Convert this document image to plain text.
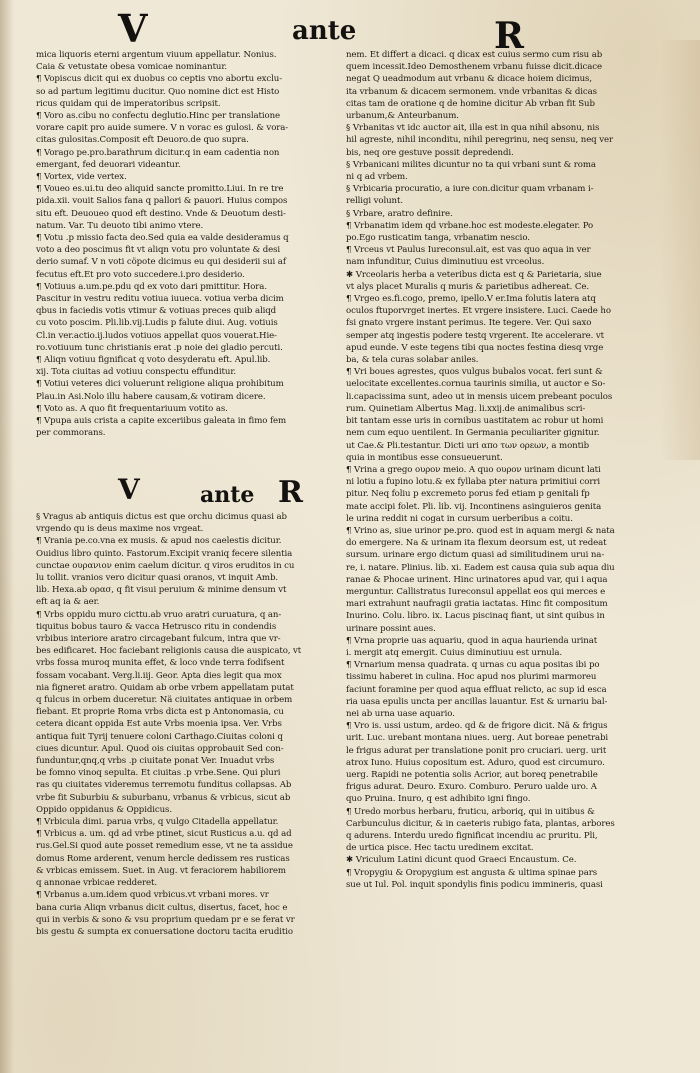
V	ante	R
mica liquoris eterni argentum viuum appellatur. Nonius.
Caia & vetustate obesa vomicae nominantur.
¶ Vopiscus dicit qui ex duobus co ceptis vno abortu exclu-
so ad partum legitimu ducitur. Quo nomine dict est Histo
ricus quidam qui de imperatoribus scripsit.
¶ Voro as.cibu no confectu deglutio.Hinc per translatione
vorare capit pro auide sumere. V n vorac es gulosi. & vora-
citas gulositas.Composit eft Deuoro.de quo supra.
¶ Vorago pe.pro.barathrum dicitur.q in eam cadentia non
emergant, fed deuorari videantur.
¶ Vortex, vide vertex.
¶ Voueo es.ui.tu deo aliquid sancte promitto.Liui. In re tre
pida.xii. vouit Salios fana q pallori & pauori. Huius compos
situ eft. Deuoueo quod eft destino. Vnde & Deuotum desti-
natum. Var. Tu deuoto tibi animo vtere.
¶ Votu .p missio facta deo.Sed quia ea valde desideramus q
voto a deo poscimus fit vt aliqn votu pro voluntate & desi
derio sumaf. V n voti cöpote dicimus eu qui desiderii sui af
fecutus eft.Et pro voto succedere.i.pro desiderio.
¶ Votiuus a.um.pe.pdu qd ex voto dari pmittitur. Hora.
Pascitur in vestru reditu votiua iuueca. votiua verba dicim
qbus in faciedis votis vtimur & votiuas preces quib aliqd
cu voto poscim. Pli.lib.vij.Ludis p falute diui. Aug. votiuis
Cl.in ver.actio.ij.ludos votiuos appellat quos vouerat.Hie-
ro.votiuum tunc christianis erat .p noie dei gladio percuti.
¶ Aliqn votiuu fignificat q voto desyderatu eft. Apul.lib.
xij. Tota ciuitas ad votiuu conspectu effunditur.
¶ Votiui veteres dici voluerunt religione aliqua prohibitum
Plau.in Asi.Nolo illu habere causam,& votiram dicere.
¶ Voto as. A quo fit frequentariuum votito as.
¶ Vpupa auis crista a capite exceriibus galeata in fimo fem
per commorans.
V	ante R
§ Vragus ab antiquis dictus est que orchu dicimus quasi ab
vrgendo qu is deus maxime nos vrgeat.
¶ Vrania pe.co.vna ex musis. & apud nos caelestis dicitur.
Ouidius libro quinto. Fastorum.Excipit vraniq fecere silentia
cunctae ουρανιον enim caelum dicitur. q viros eruditos in cu
lu tollit. vranios vero dicitur quasi oranos, vt inquit Amb.
lib. Hexa.ab ορασ, q fit visui peruium & minime densum vt
eft aq ia & aer.
¶ Vrbs oppidu muro cicttu.ab vruo aratri curuatura, q an-
tiquitus bobus tauro & vacca Hetrusco ritu in condendis
vrbibus interiore aratro circagebant fulcum, intra que vr-
bes edificaret. Hoc faciebant religionis causa die auspicato, vt
vrbs fossa muroq munita effet, & loco vnde terra fodifsent
fossam vocabant. Verg.li.iij. Geor. Apta dies legit qua mox
nia figneret aratro. Quidam ab orbe vrbem appellatam putat
q fulcus in orbem duceretur. Nä ciuitates antiquae in orbem
fiebant. Et proprie Roma vrbs dicta est p Antonomasia, cu
cetera dicant oppida Est aute Vrbs moenia ipsa. Ver. Vrbs
antiqua fuit Tyrij tenuere coloni Carthago.Ciuitas coloni q
ciues dicuntur. Apul. Quod ois ciuitas opprobauit Sed con-
funduntur,qnq,q vrbs .p ciuitate ponat Ver. Inuadut vrbs
be fomno vinoq sepulta. Et ciuitas .p vrbe.Sene. Qui pluri
ras qu ciuitates videremus terremotu funditus collapsas. Ab
vrbe fit Suburbiu & suburbanu, vrbanus & vrbicus, sicut ab
Oppido oppidanus & Oppidicus.
¶ Vrbicula dimi. parua vrbs, q vulgo Citadella appellatur.
¶ Vrbicus a. um. qd ad vrbe ptinet, sicut Rusticus a.u. qd ad
rus.Gel.Si quod aute posset remedium esse, vt ne ta assidue
domus Rome arderent, venum hercle dedissem res rusticas
& vrbicas emissem. Suet. in Aug. vt feraciorem habiliorem
q annonae vrbicae redderet.
¶ Vrbanus a.um.idem quod vrbicus.vt vrbani mores. vr
bana curia Aliqn vrbanus dicit cultus, disertus, facet, hoc e
qui in verbis & sono & vsu proprium quedam pr e se ferat vr
bis gestu & sumpta ex conuersatione doctoru tacita eruditio
nem. Et differt a dicaci. q dicax est cuius sermo cum risu ab
quem incessit.Ideo Demosthenem vrbanu fuisse dicit.dicace
negat Q ueadmodum aut vrbanu & dicace hoiem dicimus,
ita vrbanum & dicacem sermonem. vnde vrbanitas & dicas
citas tam de oratione q de homine dicitur Ab vrban fit Sub
urbanum,& Anteurbanum.
§ Vrbanitas vt idc auctor ait, illa est in qua nihil absonu, nis
hil agreste, nihil inconditu, nihil peregrinu, neq sensu, neq ver
bis, neq ore gestuve possit depredendi.
§ Vrbanicani milites dicuntur no ta qui vrbani sunt & roma
ni q ad vrbem.
§ Vrbicaria procuratio, a iure con.dicitur quam vrbanam i-
relligi volunt.
§ Vrbare, aratro definire.
¶ Vrbanatim idem qd vrbane.hoc est modeste.elegater. Po
po.Ego rusticatim tanga, vrbanatim nescio.
¶ Vrceus vt Paulus Iureconsul.ait, est vas quo aqua in ver
nam infunditur, Cuius diminutiuu est vrceolus.
✱ Vrceolaris herba a veteribus dicta est q & Parietaria, siue
vt alys placet Muralis q muris & parietibus adhereat. Ce.
¶ Vrgeo es.fi.cogo, premo, ipello.V er.Ima folutis latera atq
oculos ftuporvrget inertes. Et vrgere insistere. Luci. Caede ho
fsi gnato vrgere instant perimus. Ite tegere. Ver. Qui saxo
semper atq ingestis podere testq vrgerent. Ite accelerare. vt
apud eunde. V este tegens tibi qua noctes festina diesq vrge
ba, & tela curas solabar aniles.
¶ Vri boues agrestes, quos vulgus bubalos vocat. feri sunt &
uelocitate excellentes.cornua taurinis similia, ut auctor e So-
li.capacissima sunt, adeo ut in mensis uicem prebeant poculos
rum. Quinetiam Albertus Mag. li.xxij.de animalibus scri-
bit tantam esse uris in cornibus uastitatem ac robur ut homi
nem cum equo uentilent. In Germania peculiariter gignitur.
ut Cae.& Pli.testantur. Dicti uri απο των ορεων, a montib
quia in montibus esse consueuerunt.
¶ Vrina a grego ουρον meio. A quo ουρον urinam dicunt lati
ni lotiu a fupino lotu.& ex fyllaba pter natura primitiui corri
pitur. Neq foliu p excremeto porus fed etiam p genitali fp
mate accipi folet. Pli. lib. vij. Incontinens asinguieros genita
le urina reddit ni cogat in cursum uerberibus a coitu.
¶ Vrino as, siue urinor pe.pro. quod est in aquam mergi & nata
do emergere. Na & urinam ita flexum deorsum est, ut redeat
sursum. urinare ergo dictum quasi ad similitudinem urui na-
re, i. natare. Plinius. lib. xi. Eadem est causa quia sub aqua diu
ranae & Phocae urinent. Hinc urinatores apud var, qui i aqua
merguntur. Callistratus Iureconsul appellat eos qui merces e
mari extrahunt naufragii gratia iactatas. Hinc fit compositum
Inurino. Colu. libro. ix. Lacus piscinaq fiant, ut sint quibus in
urinare possint aues.
¶ Vrna proprie uas aquariu, quod in aqua haurienda urinat
i. mergit atq emergit. Cuius diminutiuu est urnula.
¶ Vrnarium mensa quadrata. q urnas cu aqua positas ibi po
tissimu haberet in culina. Hoc apud nos plurimi marmoreu
faciunt foramine per quod aqua effluat relicto, ac sup id esca
ria uasa epulis uncta per ancillas lauantur. Est & urnariu bal-
nei ab urna uase aquario.
¶ Vro is. ussi ustum, ardeo. qd & de frigore dicit. Nä & frigus
urit. Luc. urebant montana niues. uerg. Aut boreae penetrabi
le frigus adurat per translatione ponit pro cruciari. uerg. urit
atrox Iuno. Huius copositum est. Aduro, quod est circumuro.
uerg. Rapidi ne potentia solis Acrior, aut boreq penetrabile
frigus adurat. Deuro. Exuro. Comburo. Peruro ualde uro. A
quo Pruina. Inuro, q est adhibito igni fingo.
¶ Uredo morbus herbaru, fruticu, arboriq, qui in uitibus &
Carbunculus dicitur, & in caeteris rubigo fata, plantas, arbores
q adurens. Interdu uredo fignificat incendiu ac pruritu. Pli,
de urtica pisce. Hec tactu uredinem excitat.
✱ Vriculum Latini dicunt quod Graeci Encaustum. Ce.
¶ Vropygiu & Oropygium est angusta & ultima spinae pars
sue ut Iul. Pol. inquit spondylis finis podicu immineris, quasi
